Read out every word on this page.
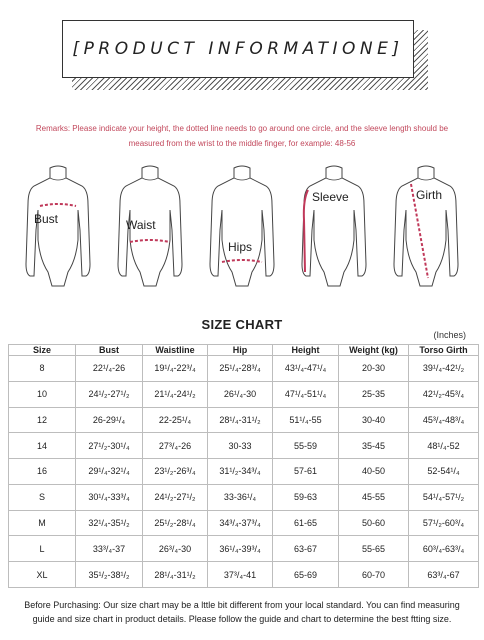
[PRODUCT INFORMATIONE]
Remarks: Please indicate your height, the dotted line needs to go around one circle, and the sleeve length should be measured from the wrist to the middle finger, for example: 48-56
Bust	Waist
Hips
Sleeve	Girth
SIZE CHART
(Inches)
Size	Bust	Waistline	Hip	Height	Weight (kg)	Torso Girth
8	22¹/₄-26	19¹/₄-22³/₄	25¹/₄-28³/₄	43¹/₄-47¹/₄	20-30	39¹/₄-42¹/₂
10	24¹/₂-27¹/₂	21¹/₄-24¹/₂	26¹/₄-30	47¹/₄-51¹/₄	25-35	42¹/₂-45³/₄
12	26-29¹/₄	22-25¹/₄	28¹/₄-31¹/₂	51¹/₄-55	30-40	45³/₄-48³/₄
14	27¹/₂-30¹/₄	27³/₄-26	30-33	55-59	35-45	48¹/₄-52
16	29¹/₄-32¹/₄	23¹/₂-26³/₄	31¹/₂-34³/₄	57-61	40-50	52-54¹/₄
S	30¹/₄-33³/₄	24¹/₂-27¹/₂	33-36¹/₄	59-63	45-55	54¹/₄-57¹/₂
M	32¹/₄-35¹/₂	25¹/₂-28¹/₄	34³/₄-37³/₄	61-65	50-60	57¹/₂-60³/₄
L	33³/₄-37	26³/₄-30	36¹/₄-39³/₄	63-67	55-65	60³/₄-63³/₄
XL	35¹/₂-38¹/₂	28¹/₄-31¹/₂	37³/₄-41	65-69	60-70	63³/₄-67
Before Purchasing: Our size chart may be a lttle bit different from your local standard. You can find measuring guide and size chart in product details. Please follow the guide and chart to determine the best ftting size.
